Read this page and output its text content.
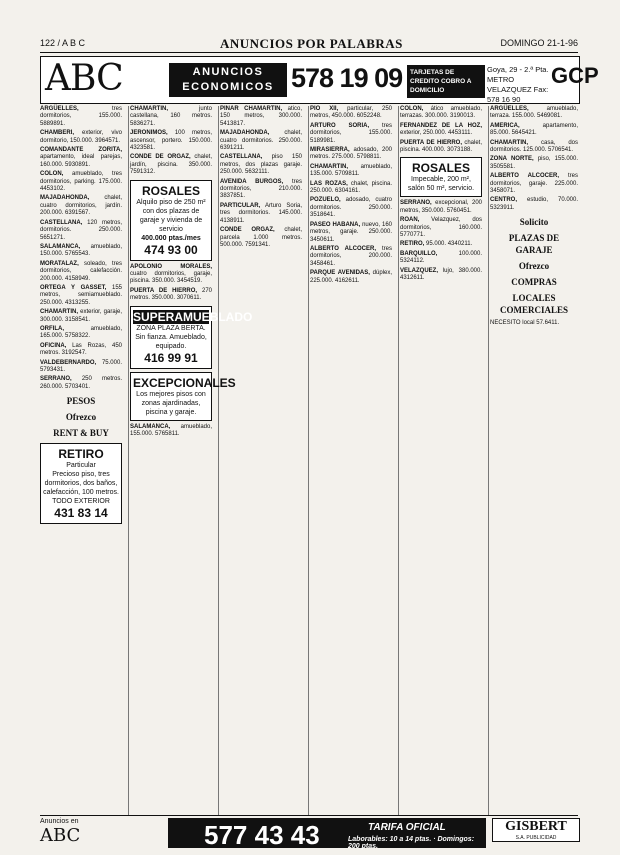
122 / A B C	ANUNCIOS POR PALABRAS	DOMINGO 21-1-96
ABC	ANUNCIOS ECONOMICOS 578 19 09	TARJETAS DE CREDITO COBRO A DOMICILIO
Goya, 29 - 2.ª Pta. METRO VELAZQUEZ Fax: 578 16 90
GCP

ARGÜELLES,	tres dormitorios, 155.000. 5889891.

CHAMBERI, exterior, vivo dormitorio, 150.000. 3964571.

COMANDANTE ZORITA, apartamento, ideal parejas, 160.000. 5930891.

COLON, amueblado, tres dormitorios, parking. 175.000. 4453102.

MAJADAHONDA, chalet, cuatro dormitorios, jardín. 200.000. 6391567.

CASTELLANA, 120 metros, dormitorios. 250.000. 5651271.

SALAMANCA, amueblado, 150.000. 5765543.

MORATALAZ, soleado, tres dormitorios, calefacción. 200.000. 4158949.

ORTEGA Y GASSET, 155 metros, semiamueblado. 250.000. 4313255.

CHAMARTIN, exterior, garaje, 300.000. 3158541.

ORFILA,	amueblado, 165.000. 5758322.

OFICINA, Las Rozas, 450 metros. 3192547.

VALDEBERNARDO, 75.000. 5793431.

SERRANO, 250 metros. 260.000. 5703401.

PESOS
Ofrezco
RENT & BUY
RETIRO
Particular
Precioso piso, tres dormitorios, dos baños, calefacción, 100 metros.
TODO EXTERIOR
431 83 14

CHAMARTIN,	junto castellana, 160 metros. 5836271.

JERONIMOS, 100 metros, ascensor, portero. 150.000. 4323581.

CONDE DE ORGAZ, chalet, jardín, piscina. 350.000. 7591312.

ROSALES
Alquilo piso de 250 m² con dos plazas de garaje y vivienda de servicio
400.000 ptas./mes
474 93 00

APOLONIO MORALES, cuatro dormitorios, garaje, piscina. 350.000. 3454519.

PUERTA DE HIERRO, 270 metros. 350.000. 3070611.

SUPERAMUEBLADO
ZONA PLAZA BERTA. Sin fianza. Amueblado, equipado.
416 99 91
EXCEPCIONALES
Los mejores pisos con zonas ajardinadas, piscina y garaje.

SALAMANCA, amueblado, 155.000. 5765811.

PINAR CHAMARTIN, atico, 150 metros, 300.000. 5413817.

MAJADAHONDA, chalet, cuatro dormitorios. 250.000. 6391211.

CASTELLANA, piso 150 metros, dos plazas garaje. 250.000. 5632111.

AVENIDA BURGOS, tres dormitorios, 210.000. 3837851.

PARTICULAR, Arturo Soria, tres dormitorios. 145.000. 4138911.

CONDE ORGAZ, chalet, parcela 1.000 metros. 500.000. 7591341.

PIO XII, particular, 250 metros, 450.000. 6052248.

ARTURO SORIA, tres dormitorios, 155.000. 5189981.

MIRASIERRA, adosado, 200 metros. 275.000. 5798811.

CHAMARTIN, amueblado, 135.000. 5709811.

LAS ROZAS, chalet, piscina. 250.000. 6304161.

POZUELO, adosado, cuatro dormitorios. 250.000. 3518641.

PASEO HABANA, nuevo, 160 metros, garaje. 250.000. 3450611.

ALBERTO ALCOCER, tres dormitorios, 200.000. 3458461.

PARQUE AVENIDAS, dúplex, 225.000. 4162611.

COLON, ático amueblado, terrazas. 300.000. 3190013.

FERNANDEZ DE LA HOZ, exterior, 250.000. 4453111.

PUERTA DE HIERRO, chalet, piscina. 400.000. 3073188.

ROSALES
Impecable, 200 m², salón 50 m², servicio.

SERRANO, excepcional, 200 metros, 350.000. 5760451.

ROAN, Velazquez, dos dormitorios, 160.000. 5770771.

RETIRO, 95.000. 4340211.

BARQUILLO,	100.000. 5324112.

VELAZQUEZ, lujo, 380.000. 4312611.

ARGÜELLES,	amueblado, terraza. 155.000. 5469081.

AMERICA,	apartamento, 85.000. 5645421.

CHAMARTIN, casa, dos dormitorios. 125.000. 5706541.

ZONA NORTE, piso, 155.000. 3505581.

ALBERTO ALCOCER, tres dormitorios, garaje. 225.000. 3458071.

CENTRO, estudio, 70.000. 5323911.

Solicito
PLAZAS DE GARAJE
Ofrezco
COMPRAS
LOCALES COMERCIALES

NECESITO local 57.6411.

Anuncios en
ABC	577 43 43	TARIFA OFICIAL
Laborables: 10 a 14 ptas. · Domingos: 200 ptas.
GISBERT
S.A. PUBLICIDAD
